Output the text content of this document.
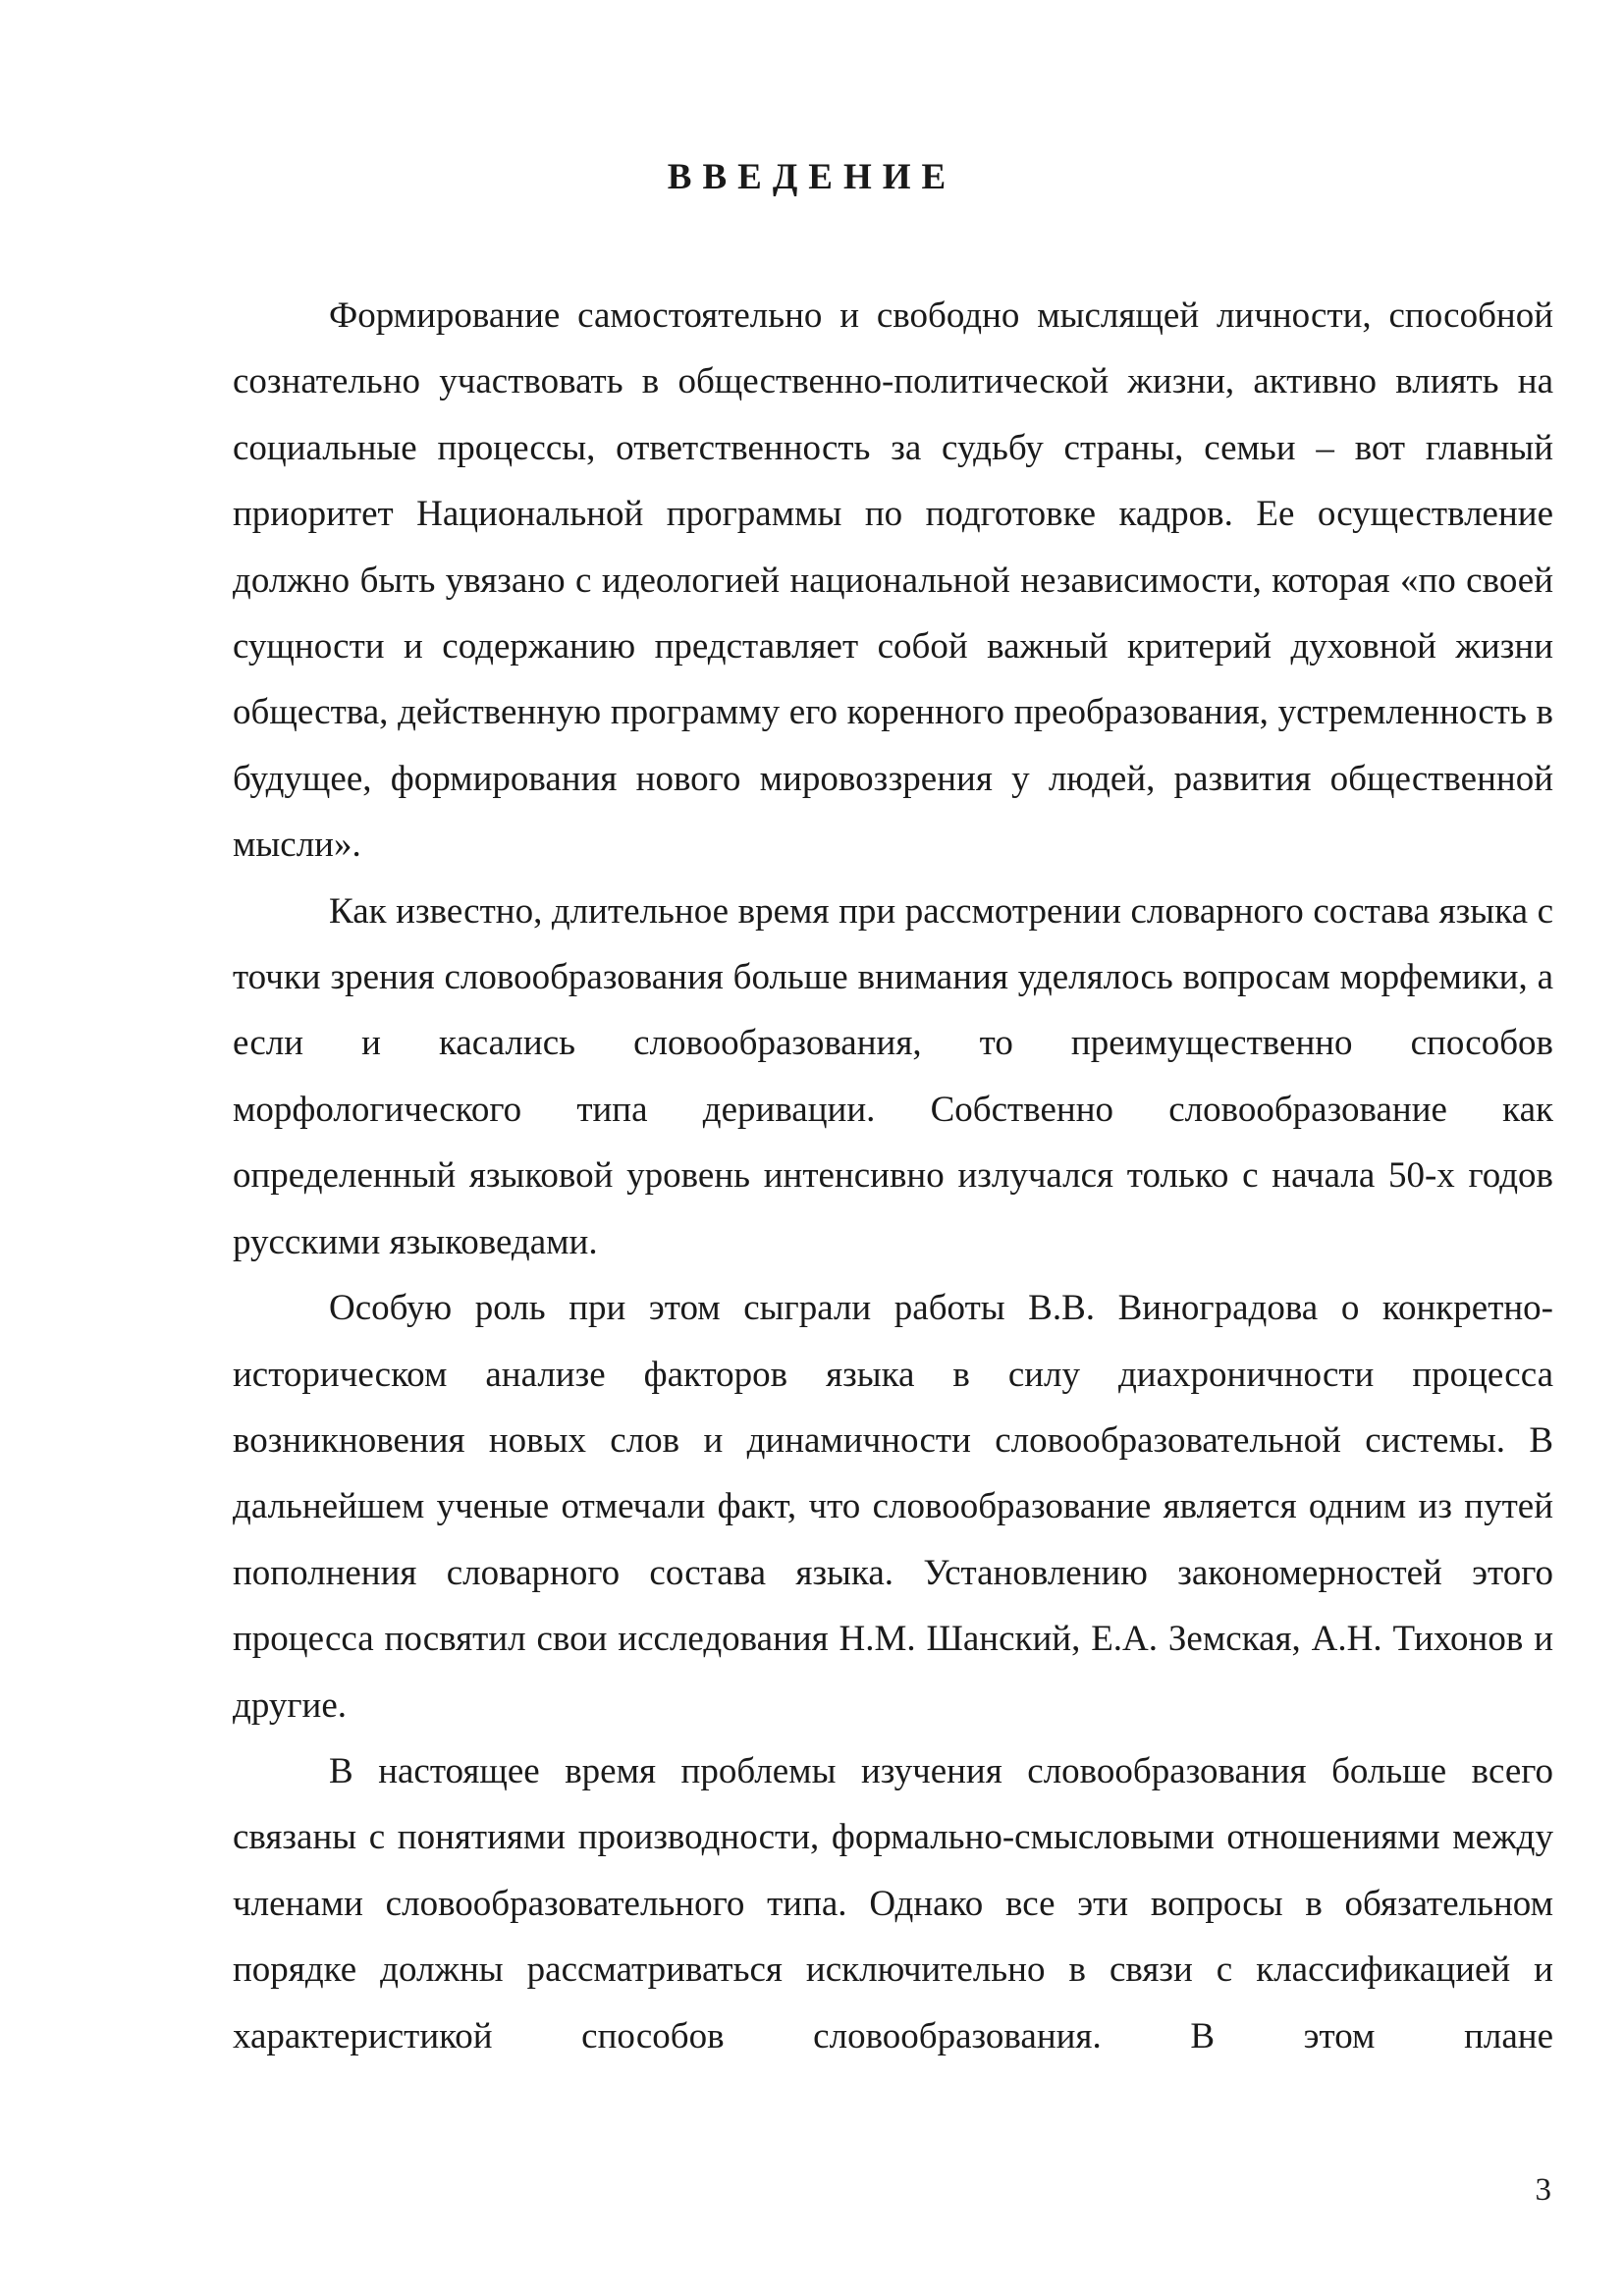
ВВЕДЕНИЕ

Формирование самостоятельно и свободно мыслящей личности, способной сознательно участвовать в общественно-политической жизни, активно влиять на социальные процессы, ответственность за судьбу страны, семьи – вот главный приоритет Национальной программы по подготовке кадров. Ее осуществление должно быть увязано с идеологией национальной независимости, которая «по своей сущности и содержанию представляет собой важный критерий духовной жизни общества, действенную программу его коренного преобразования, устремленность в будущее, формирования нового мировоззрения у людей, развития общественной мысли».

Как известно, длительное время при рассмотрении словарного состава языка с точки зрения словообразования больше внимания уделялось вопросам морфемики, а если и касались словообразования, то преимущественно способов морфологического типа деривации. Собственно словообразование как определенный языковой уровень интенсивно излучался только с начала 50-х годов русскими языковедами.

Особую роль при этом сыграли работы В.В. Виноградова о конкретно-историческом анализе факторов языка в силу диахроничности процесса возникновения новых слов и динамичности словообразовательной системы. В дальнейшем ученые отмечали факт, что словообразование является одним из путей пополнения словарного состава языка. Установлению закономерностей этого процесса посвятил свои исследования Н.М. Шанский, Е.А. Земская, А.Н. Тихонов и другие.

В настоящее время проблемы изучения словообразования больше всего связаны с понятиями производности, формально-смысловыми отношениями между членами словообразовательного типа. Однако все эти вопросы в обязательном порядке должны рассматриваться исключительно в связи с классификацией и характеристикой способов словообразования. В этом плане

3
